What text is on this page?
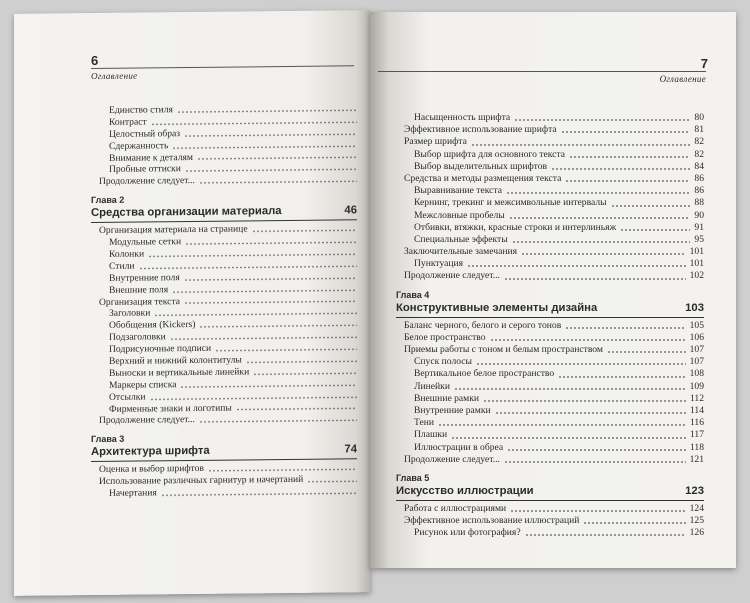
6
Оглавление
Единство стиля
Контраст
Целостный образ
Сдержанность
Внимание к деталям
Пробные оттиски
Продолжение следует...
Глава 2
Средства организации материала	46
Организация материала на странице
Модульные сетки
Колонки
Стили
Внутренние поля
Внешние поля
Организация текста
Заголовки
Обобщения (Kickers)
Подзаголовки
Подрисуночные подписи
Верхний и нижний колонтитулы
Выноски и вертикальные линейки
Маркеры списка
Отсылки
Фирменные знаки и логотипы
Продолжение следует...
Глава 3
Архитектура шрифта	74
Оценка и выбор шрифтов
Использование различных гарнитур и начертаний
Начертания
7
Оглавление
Насыщенность шрифта	80
Эффективное использование шрифта	81
Размер шрифта	82
Выбор шрифта для основного текста	82
Выбор выделительных шрифтов	84
Средства и методы размещения текста	86
Выравнивание текста	86
Кернинг, трекинг и межсимвольные интервалы	88
Межсловные пробелы	90
Отбивки, втяжки, красные строки и интерлиньяж	91
Специальные эффекты	95
Заключительные замечания	101
Пунктуация	101
Продолжение следует...	102
Глава 4
Конструктивные элементы дизайна	103
Баланс черного, белого и серого тонов	105
Белое пространство	106
Приемы работы с тоном и белым пространством	107
Спуск полосы	107
Вертикальное белое пространство	108
Линейки	109
Внешние рамки	112
Внутренние рамки	114
Тени	116
Плашки	117
Иллюстрации в обреа	118
Продолжение следует...	121
Глава 5
Искусство иллюстрации	123
Работа с иллюстрациями	124
Эффективное использование иллюстраций	125
Рисунок или фотография?	126
